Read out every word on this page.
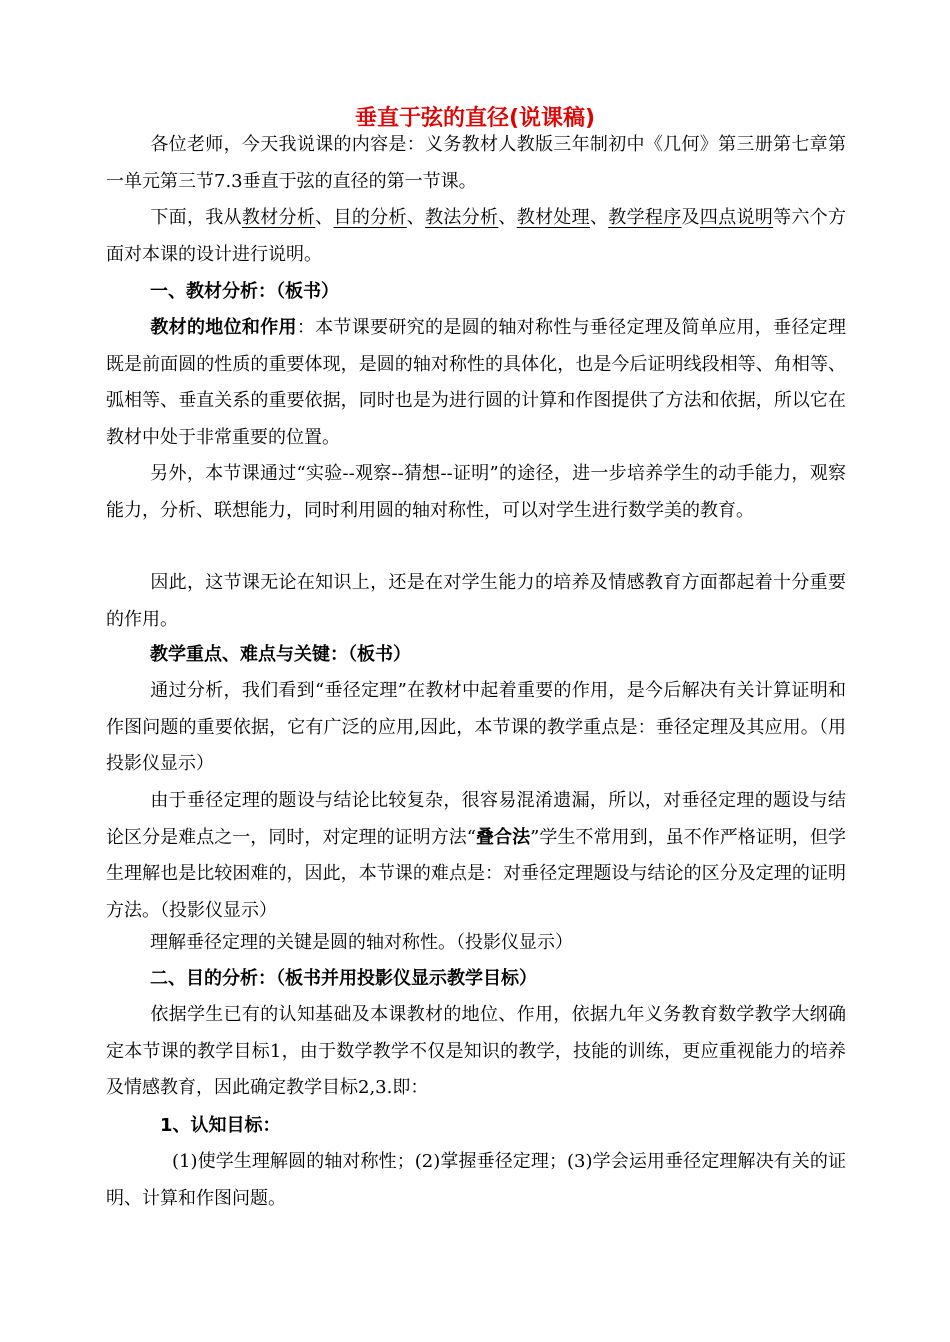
垂直于弦的直径(说课稿)

各位老师，今天我说课的内容是：义务教材人教版三年制初中《几何》第三册第七章第一单元第三节7.3垂直于弦的直径的第一节课。

下面，我从教材分析、目的分析、教法分析、教材处理、教学程序及四点说明等六个方面对本课的设计进行说明。

一、教材分析：（板书）

教材的地位和作用：本节课要研究的是圆的轴对称性与垂径定理及简单应用，垂径定理既是前面圆的性质的重要体现，是圆的轴对称性的具体化，也是今后证明线段相等、角相等、弧相等、垂直关系的重要依据，同时也是为进行圆的计算和作图提供了方法和依据，所以它在教材中处于非常重要的位置。

另外，本节课通过“实验--观察--猜想--证明”的途径，进一步培养学生的动手能力，观察能力，分析、联想能力，同时利用圆的轴对称性，可以对学生进行数学美的教育。

因此，这节课无论在知识上，还是在对学生能力的培养及情感教育方面都起着十分重要的作用。

教学重点、难点与关键：（板书）

通过分析，我们看到“垂径定理”在教材中起着重要的作用，是今后解决有关计算证明和作图问题的重要依据，它有广泛的应用,因此，本节课的教学重点是：垂径定理及其应用。（用投影仪显示）

由于垂径定理的题设与结论比较复杂，很容易混淆遗漏，所以，对垂径定理的题设与结论区分是难点之一，同时，对定理的证明方法“叠合法”学生不常用到，虽不作严格证明，但学生理解也是比较困难的，因此，本节课的难点是：对垂径定理题设与结论的区分及定理的证明方法。（投影仪显示）

理解垂径定理的关键是圆的轴对称性。（投影仪显示）

二、目的分析：（板书并用投影仪显示教学目标）

依据学生已有的认知基础及本课教材的地位、作用，依据九年义务教育数学教学大纲确定本节课的教学目标1，由于数学教学不仅是知识的教学，技能的训练，更应重视能力的培养及情感教育，因此确定教学目标2,3.即：

1、认知目标：

(1)使学生理解圆的轴对称性；(2)掌握垂径定理；(3)学会运用垂径定理解决有关的证明、计算和作图问题。
